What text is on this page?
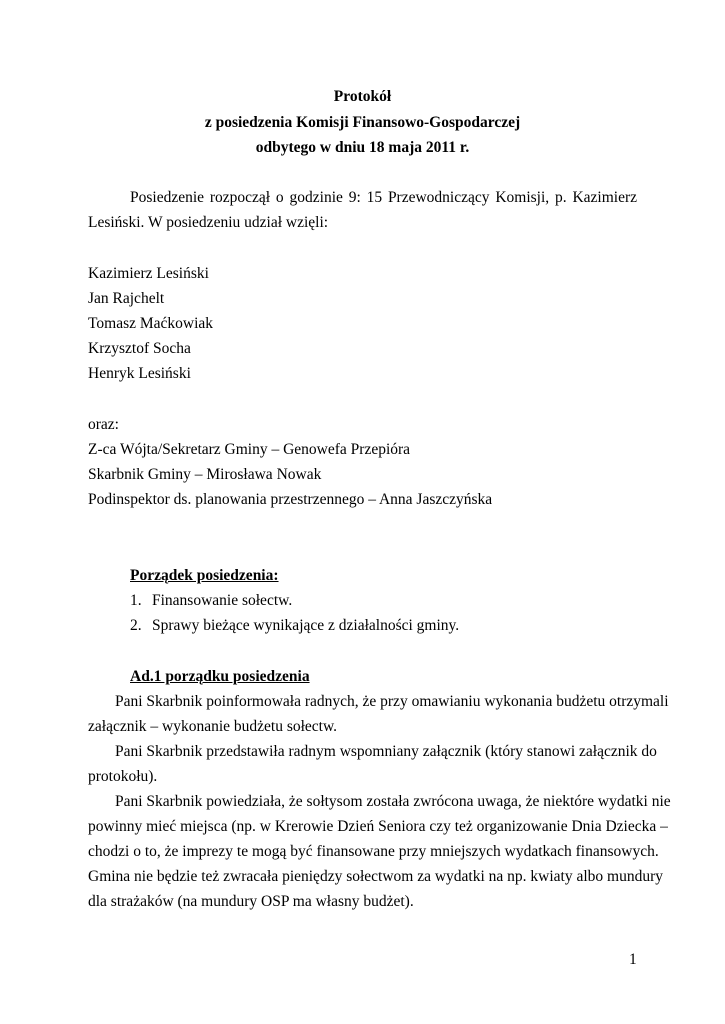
Protokół
z posiedzenia Komisji Finansowo-Gospodarczej
odbytego w dniu 18 maja 2011 r.
Posiedzenie rozpoczął o godzinie 9: 15 Przewodniczący Komisji, p. Kazimierz
Lesiński. W posiedzeniu udział wzięli:
Kazimierz Lesiński
Jan Rajchelt
Tomasz Maćkowiak
Krzysztof Socha
Henryk Lesiński
oraz:
Z-ca Wójta/Sekretarz Gminy – Genowefa Przepióra
Skarbnik Gminy – Mirosława Nowak
Podinspektor ds. planowania przestrzennego – Anna Jaszczyńska
Porządek posiedzenia:
1. Finansowanie sołectw.
2. Sprawy bieżące wynikające z działalności gminy.
Ad.1 porządku posiedzenia
Pani Skarbnik poinformowała radnych, że przy omawianiu wykonania budżetu otrzymali
załącznik – wykonanie budżetu sołectw.
Pani Skarbnik przedstawiła radnym wspomniany załącznik (który stanowi załącznik do
protokołu).
Pani Skarbnik powiedziała, że sołtysom została zwrócona uwaga, że niektóre wydatki nie
powinny mieć miejsca (np. w Krerowie Dzień Seniora czy też organizowanie Dnia Dziecka –
chodzi o to, że imprezy te mogą być finansowane przy mniejszych wydatkach finansowych.
Gmina nie będzie też zwracała pieniędzy sołectwom za wydatki na np. kwiaty albo mundury
dla strażaków (na mundury OSP ma własny budżet).
1
